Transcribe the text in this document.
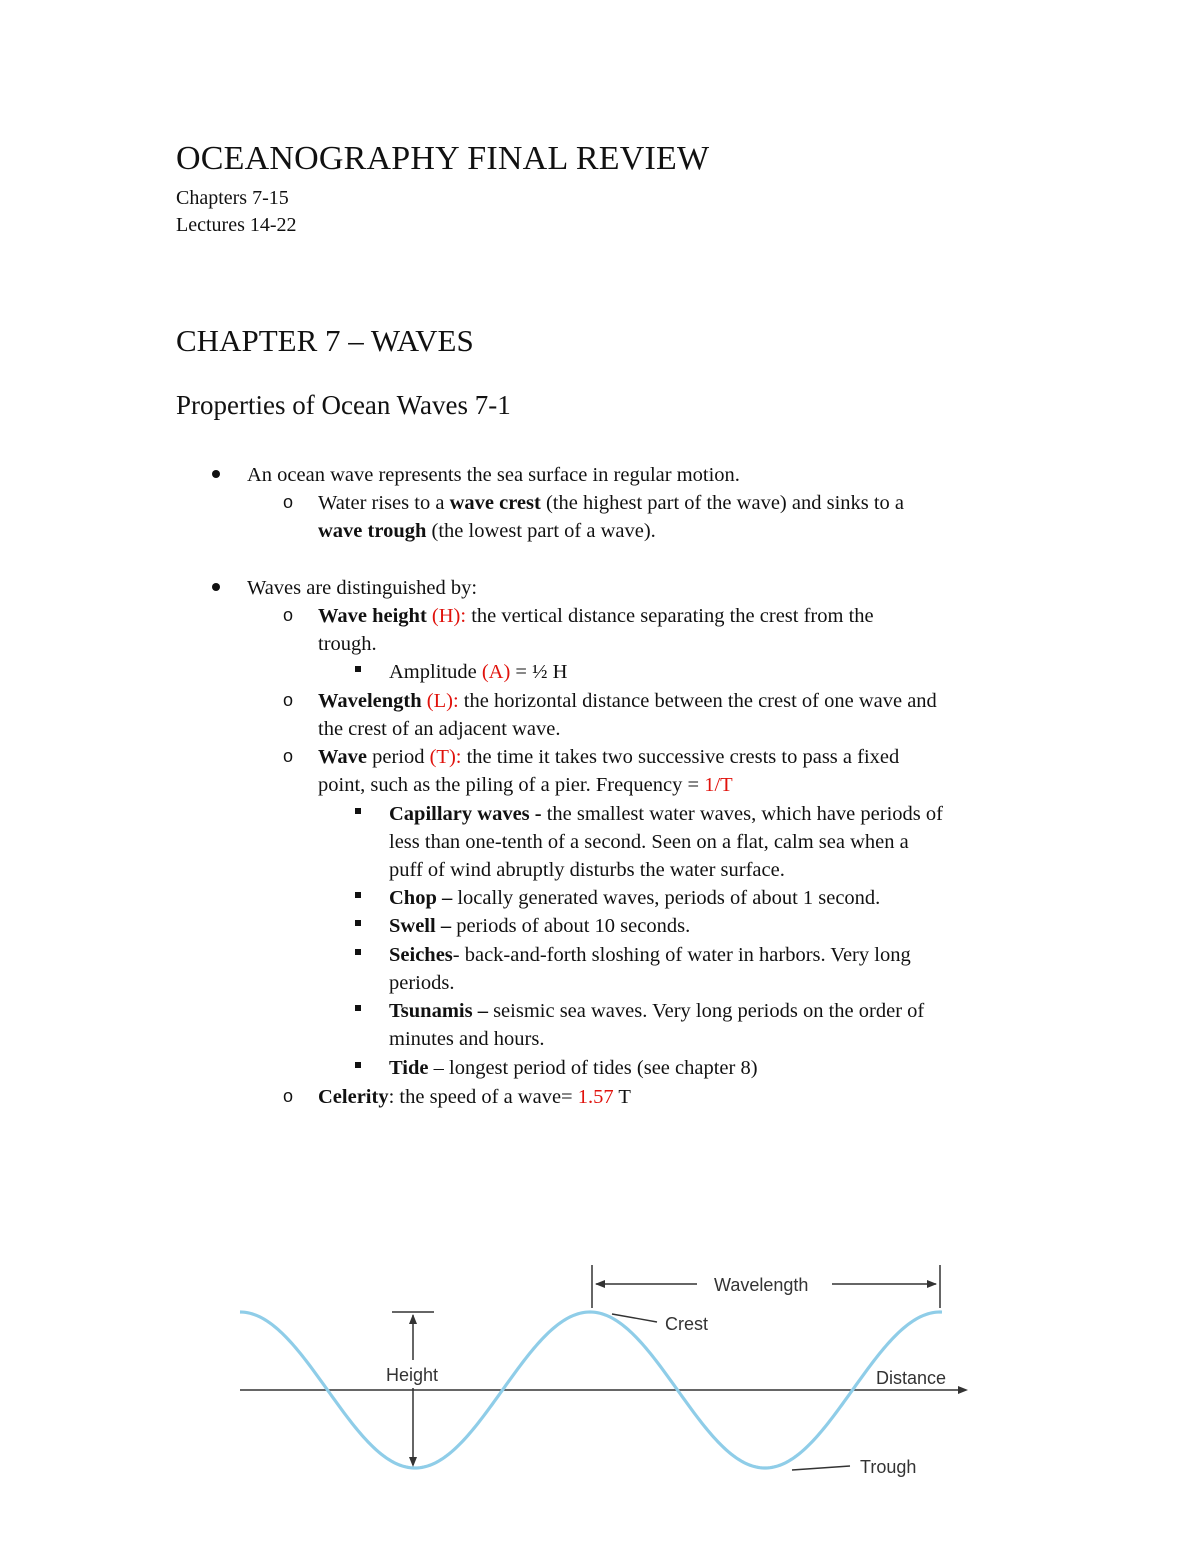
OCEANOGRAPHY FINAL REVIEW
Chapters 7-15
Lectures 14-22
CHAPTER 7 – WAVES
Properties of Ocean Waves 7-1
An ocean wave represents the sea surface in regular motion.
o Water rises to a wave crest (the highest part of the wave) and sinks to a
wave trough (the lowest part of a wave).
Waves are distinguished by:
o Wave height (H): the vertical distance separating the crest from the
trough.
Amplitude (A) = ½ H
o Wavelength (L): the horizontal distance between the crest of one wave and
the crest of an adjacent wave.
o Wave period (T): the time it takes two successive crests to pass a fixed
point, such as the piling of a pier. Frequency = 1/T
Capillary waves - the smallest water waves, which have periods of
less than one-tenth of a second. Seen on a flat, calm sea when a
puff of wind abruptly disturbs the water surface.
Chop – locally generated waves, periods of about 1 second.
Swell – periods of about 10 seconds.
Seiches- back-and-forth sloshing of water in harbors. Very long
periods.
Tsunamis – seismic sea waves. Very long periods on the order of
minutes and hours.
Tide – longest period of tides (see chapter 8)
o Celerity: the speed of a wave= 1.57 T
Height
Wavelength
Crest
Distance
Trough
